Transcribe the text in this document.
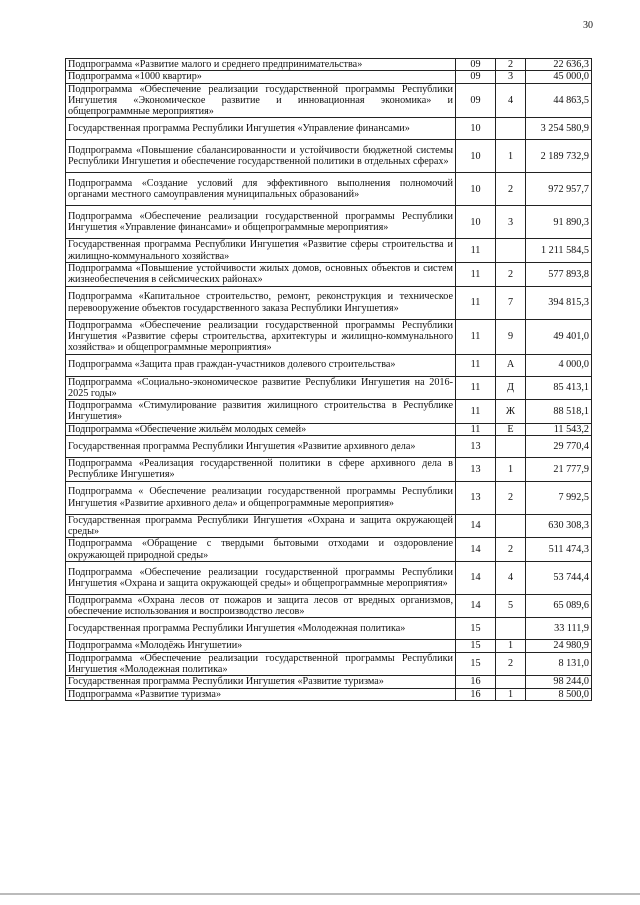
30
Подпрограмма «Развитие малого и среднего предпринимательства»	09	2	22 636,3
Подпрограмма «1000 квартир»	09	3	45 000,0
Подпрограмма «Обеспечение реализации государственной программы Республики Ингушетия «Экономическое развитие и инновационная экономика» и общепрограммные мероприятия»	09	4	44 863,5
Государственная программа Республики Ингушетия «Управление финансами»	10		3 254 580,9
Подпрограмма «Повышение сбалансированности и устойчивости бюджетной системы Республики Ингушетия и обеспечение государственной политики в отдельных сферах»	10	1	2 189 732,9
Подпрограмма «Создание условий для эффективного выполнения полномочий органами местного самоуправления муниципальных образований»	10	2	972 957,7
Подпрограмма «Обеспечение реализации государственной программы Республики Ингушетия «Управление финансами» и общепрограммные мероприятия»	10	3	91 890,3
Государственная программа Республики Ингушетия «Развитие сферы строительства и жилищно-коммунального хозяйства»	11		1 211 584,5
Подпрограмма «Повышение устойчивости жилых домов, основных объектов и систем жизнеобеспечения в сейсмических районах»	11	2	577 893,8
Подпрограмма «Капитальное строительство, ремонт, реконструкция и техническое перевооружение объектов государственного заказа Республики Ингушетия»	11	7	394 815,3
Подпрограмма «Обеспечение реализации государственной программы Республики Ингушетия «Развитие сферы строительства, архитектуры и жилищно-коммунального хозяйства» и общепрограммные мероприятия»	11	9	49 401,0
Подпрограмма «Защита прав граждан-участников долевого строительства»	11	А	4 000,0
Подпрограмма «Социально-экономическое развитие Республики Ингушетия на 2016-2025 годы»	11	Д	85 413,1
Подпрограмма «Стимулирование развития жилищного строительства в Республике Ингушетия»	11	Ж	88 518,1
Подпрограмма «Обеспечение жильём молодых семей»	11	Е	11 543,2
Государственная программа Республики Ингушетия «Развитие архивного дела»	13		29 770,4
Подпрограмма «Реализация государственной политики в сфере архивного дела в Республике Ингушетия»	13	1	21 777,9
Подпрограмма « Обеспечение реализации государственной программы Республики Ингушетия «Развитие архивного дела» и общепрограммные мероприятия»	13	2	7 992,5
Государственная программа Республики Ингушетия «Охрана и защита окружающей среды»	14		630 308,3
Подпрограмма «Обращение с твердыми бытовыми отходами и оздоровление окружающей природной среды»	14	2	511 474,3
Подпрограмма «Обеспечение реализации государственной программы Республики Ингушетия «Охрана и защита окружающей среды» и общепрограммные мероприятия»	14	4	53 744,4
Подпрограмма «Охрана лесов от пожаров и защита лесов от вредных организмов, обеспечение использования и воспроизводство лесов»	14	5	65 089,6
Государственная программа Республики Ингушетия «Молодежная политика»	15		33 111,9
Подпрограмма «Молодёжь Ингушетии»	15	1	24 980,9
Подпрограмма «Обеспечение реализации государственной программы Республики Ингушетия «Молодежная политика»	15	2	8 131,0
Государственная программа Республики Ингушетия «Развитие туризма»	16		98 244,0
Подпрограмма «Развитие туризма»	16	1	8 500,0
